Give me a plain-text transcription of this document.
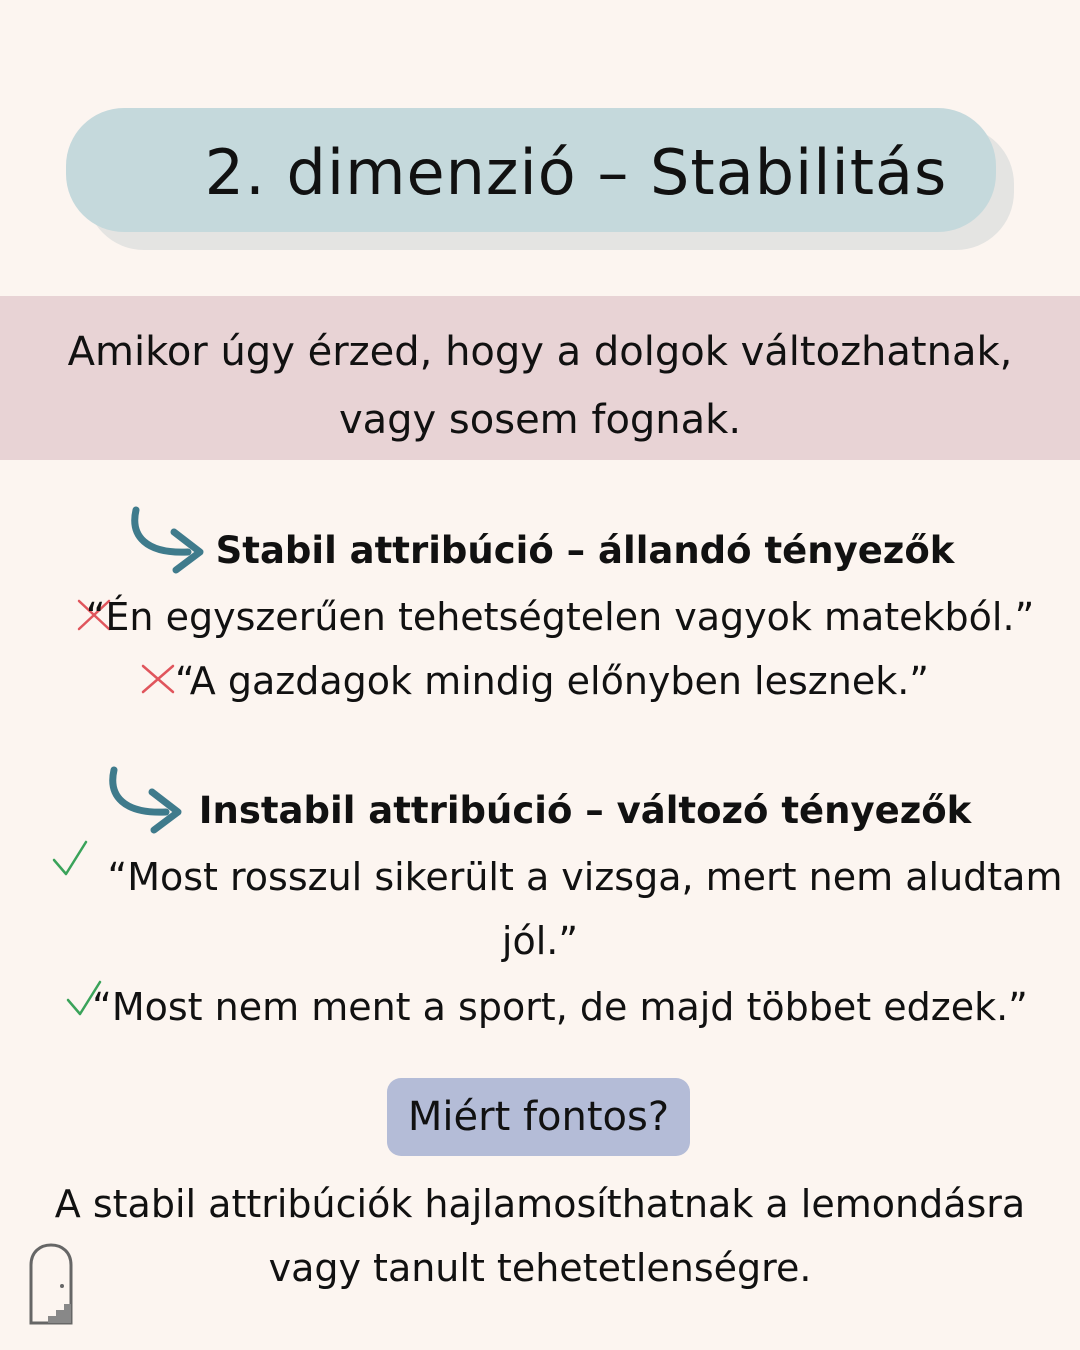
2. dimenzió – Stabilitás
Amikor úgy érzed, hogy a dolgok változhatnak,
vagy sosem fognak.
Stabil attribúció – állandó tényezők
“Én egyszerűen tehetségtelen vagyok matekból.”
“A gazdagok mindig előnyben lesznek.”
Instabil attribúció – változó tényezők
“Most rosszul sikerült a vizsga, mert nem aludtam
jól.”
“Most nem ment a sport, de majd többet edzek.”
Miért fontos?
A stabil attribúciók hajlamosíthatnak a lemondásra
vagy tanult tehetetlenségre.
